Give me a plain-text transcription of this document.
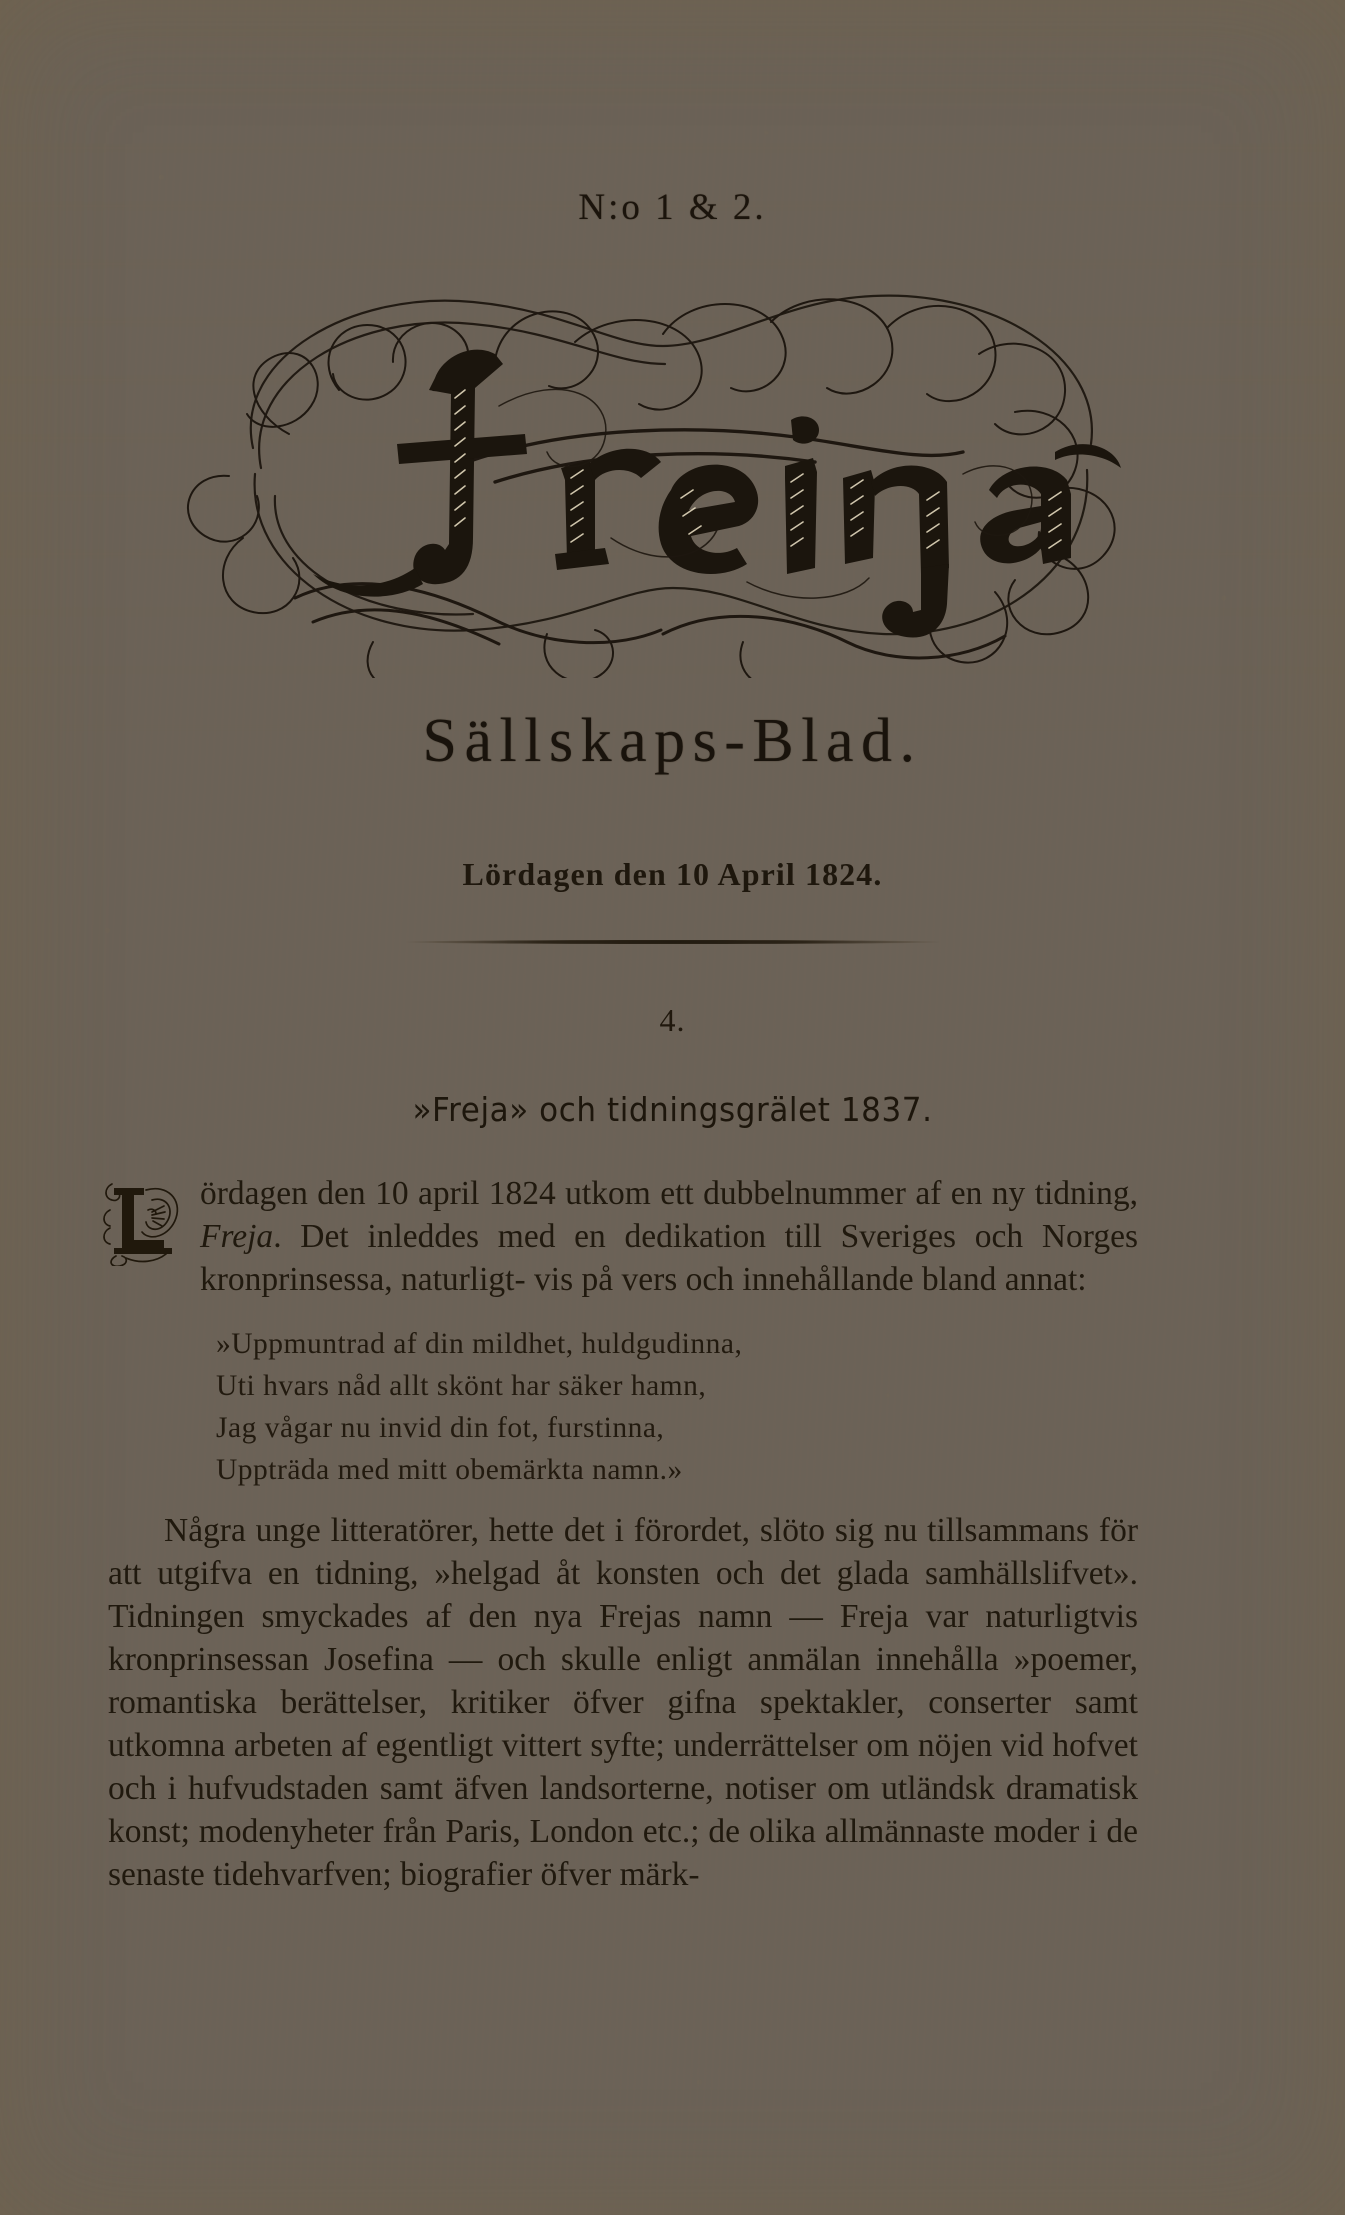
N:o 1 & 2.
Sällskaps-Blad.
Lördagen den 10 April 1824.
4.
»Freja» och tidningsgrälet 1837.
ördagen den 10 april 1824 utkom ett dubbelnummer af en ny tidning, Freja. Det inleddes med en dedikation till Sveriges och Norges kronprinsessa, naturligt- vis på vers och innehållande bland annat:
»Uppmuntrad af din mildhet, huldgudinna,
Uti hvars nåd allt skönt har säker hamn,
Jag vågar nu invid din fot, furstinna,
Uppträda med mitt obemärkta namn.»

Några unge litteratörer, hette det i förordet, slöto sig nu tillsammans för att utgifva en tidning, »helgad åt konsten och det glada samhällslifvet». Tidningen smyckades af den nya Frejas namn — Freja var naturligtvis kronprinsessan Josefina — och skulle enligt anmälan innehålla »poemer, romantiska berättelser, kritiker öfver gifna spektakler, conserter samt utkomna arbeten af egentligt vittert syfte; underrättelser om nöjen vid hofvet och i hufvudstaden samt äfven landsorterne, notiser om utländsk dramatisk konst; modenyheter från Paris, London etc.; de olika allmännaste moder i de senaste tidehvarfven; biografier öfver märk-
